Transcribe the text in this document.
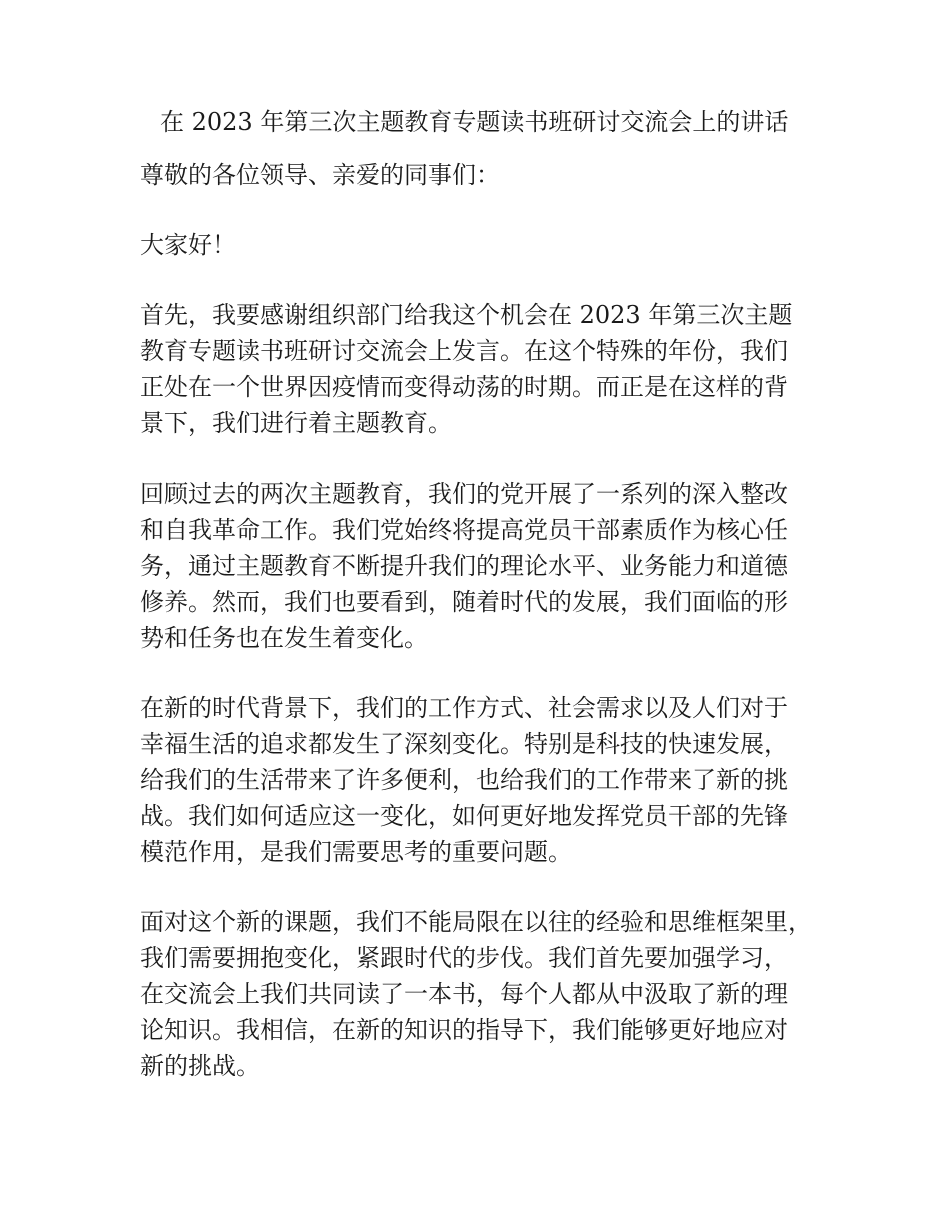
在 2023 年第三次主题教育专题读书班研讨交流会上的讲话

尊敬的各位领导、亲爱的同事们：

大家好！

首先，我要感谢组织部门给我这个机会在 2023 年第三次主题

教育专题读书班研讨交流会上发言。在这个特殊的年份，我们

正处在一个世界因疫情而变得动荡的时期。而正是在这样的背

景下，我们进行着主题教育。

回顾过去的两次主题教育，我们的党开展了一系列的深入整改

和自我革命工作。我们党始终将提高党员干部素质作为核心任

务，通过主题教育不断提升我们的理论水平、业务能力和道德

修养。然而，我们也要看到，随着时代的发展，我们面临的形

势和任务也在发生着变化。

在新的时代背景下，我们的工作方式、社会需求以及人们对于

幸福生活的追求都发生了深刻变化。特别是科技的快速发展，

给我们的生活带来了许多便利，也给我们的工作带来了新的挑

战。我们如何适应这一变化，如何更好地发挥党员干部的先锋

模范作用，是我们需要思考的重要问题。

面对这个新的课题，我们不能局限在以往的经验和思维框架里，

我们需要拥抱变化，紧跟时代的步伐。我们首先要加强学习，

在交流会上我们共同读了一本书，每个人都从中汲取了新的理

论知识。我相信，在新的知识的指导下，我们能够更好地应对

新的挑战。
